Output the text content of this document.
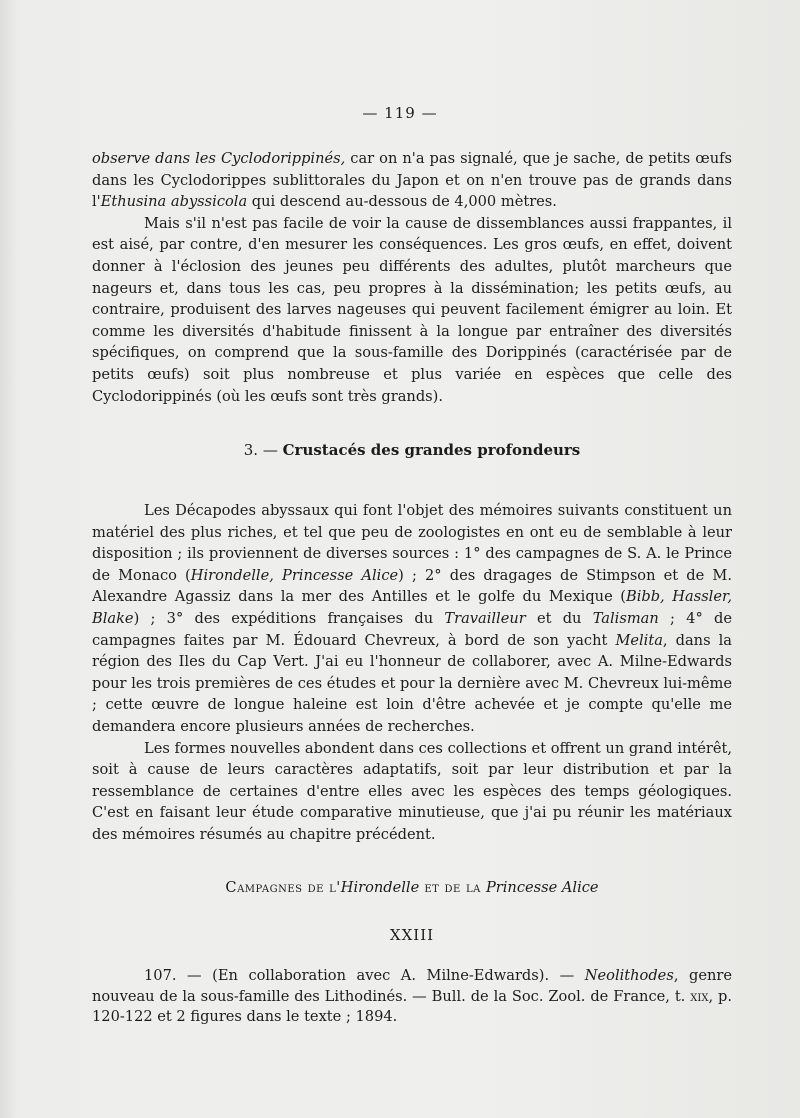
— 119 —

observe dans les Cyclodorippinés, car on n'a pas signalé, que je sache, de petits œufs dans les Cyclodorippes sublittorales du Japon et on n'en trouve pas de grands dans l'Ethusina abyssicola qui descend au-dessous de 4,000 mètres.

Mais s'il n'est pas facile de voir la cause de dissemblances aussi frappantes, il est aisé, par contre, d'en mesurer les conséquences. Les gros œufs, en effet, doivent donner à l'éclosion des jeunes peu différents des adultes, plutôt marcheurs que nageurs et, dans tous les cas, peu propres à la dissémination; les petits œufs, au contraire, produisent des larves nageuses qui peuvent facilement émigrer au loin. Et comme les diversités d'habitude finissent à la longue par entraîner des diversités spécifiques, on comprend que la sous-famille des Dorippinés (caractérisée par de petits œufs) soit plus nombreuse et plus variée en espèces que celle des Cyclodorippinés (où les œufs sont très grands).

3. — Crustacés des grandes profondeurs

Les Décapodes abyssaux qui font l'objet des mémoires suivants constituent un matériel des plus riches, et tel que peu de zoologistes en ont eu de semblable à leur disposition ; ils proviennent de diverses sources : 1° des campagnes de S. A. le Prince de Monaco (Hirondelle, Princesse Alice) ; 2° des dragages de Stimpson et de M. Alexandre Agassiz dans la mer des Antilles et le golfe du Mexique (Bibb, Hassler, Blake) ; 3° des expéditions françaises du Travailleur et du Talisman ; 4° de campagnes faites par M. Édouard Chevreux, à bord de son yacht Melita, dans la région des Iles du Cap Vert. J'ai eu l'honneur de collaborer, avec A. Milne-Edwards pour les trois premières de ces études et pour la dernière avec M. Chevreux lui-même ; cette œuvre de longue haleine est loin d'être achevée et je compte qu'elle me demandera encore plusieurs années de recherches.

Les formes nouvelles abondent dans ces collections et offrent un grand intérêt, soit à cause de leurs caractères adaptatifs, soit par leur distribution et par la ressemblance de certaines d'entre elles avec les espèces des temps géologiques. C'est en faisant leur étude comparative minutieuse, que j'ai pu réunir les matériaux des mémoires résumés au chapitre précédent.

Campagnes de l'Hirondelle et de la Princesse Alice
XXIII

107. — (En collaboration avec A. Milne-Edwards). — Neolithodes, genre nouveau de la sous-famille des Lithodinés. — Bull. de la Soc. Zool. de France, t. xix, p. 120-122 et 2 figures dans le texte ; 1894.
